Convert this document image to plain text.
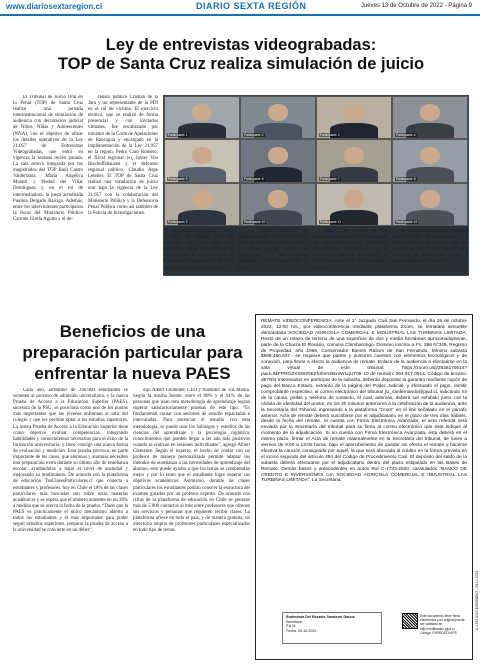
www.diariosextaregion.cl	DIARIO SEXTA REGIÓN	Jueves 13 de Octubre de 2022 - Página 9
Ley de entrevistas videograbadas:
TOP de Santa Cruz realiza simulación de juicio

El Tribunal de Juicio Oral en lo Penal (TOP) de Santa Cruz realizó una jornada interinstitucional de simulación de audiencia con declaración judicial de Niños, Niñas y Adolescentes (NNA), con el objetivo de afinar los detalles operativos de la Ley 21.057 de Entrevistas Videograbadas, que entró en vigencia la semana recién pasada. La sala estuvo integrada por los magistrados del TOP Raúl Castro Valderrama, María Angélica Mulatti y Piedad del Villar Domínguez y, en el rol de intermediadora, la jueza acreditada Paulina Delgado Barriga. Además, entre los intervinientes participaron la fiscal del Ministerio Público Carmen Gloria Agurto y el de-

fensor público Cristian de la Jara y un representante de la PDI en el rol de víctima. El ejercicio técnico, que se realizó de forma presencial y con invitados virtuales, fue encabezado por ministro de la Corte de Apelaciones de Rancagua y encargado en la implementación de la Ley 21.057 en la región, Pedro Caro Romero; el fiscal regional (s), Javier Von Bischoffshausen y el defensor regional público, Claudio Aspe Letelier. El TOP de Santa Cruz realizó una simulación de juicio oral bajo la vigencia de la Ley 21.057 con la colaboración del Ministerio Público y la Defensoría Penal Pública como así también de la Policía de Investigaciones.

Participante 1	Participante 2	Participante 3	Participante 4
Participante 5	Participante 6	Participante 7	Participante 8
Participante 9	Participante 10	Participante 11	Participante 12

Al final de la jornada se llevó a cabo un diálogo con los presentes, el cual fue muy productivo donde compartimos las experiencias que cada uno tiene de la entrada en vigencia de la ley”, señaló la jueza Paulina Delgado.

La tercera etapa de la implementación de la Ley 21.057 entró en vigencia el pasado lunes 3 de octubre en las regiones de O'Higgins, Metropolitana, Valparaíso y Los Lagos. Para su desar-

rollo, la ley dispone de dos instancias para que el NNA entregue su testimonio: La Entrevista Investigativa Videograbada y la Declaración Judicial. En ambos, el NNA interactúa con un funcionario debida-

mente formado y acreditado para ejercer el rol de entrevistador y/o intermediario y testifica en una sala especial, habilitada para que entregue su relato en condiciones seguras y resguardando su privacidad.

Beneficios de una
preparación particular para
enfrentar la nueva PAES

Cada año, alrededor de 260.000 estudiantes se someten al proceso de admisión universitaria, y la nueva Prueba de Acceso a la Educación Superior (PAES), sucesora de la PSU, se posiciona como uno de los puntos más importantes que los jóvenes enfrentan al salir del colegio y que les permite optar a los estudios superiores. La nueva Prueba de Acceso a la Educación Superior tiene como objetivo evaluar competencias, integrando habilidades y conocimientos necesarios para el éxito de la formación universitaria, y tiene consigo una nueva forma de evaluación y medición. Esta prueba provoca, en parte importante de los casos, que alumnos y alumnas necesiten una preparación extra durante su último año de enseñanza escolar, ayudándolos a bajar el nivel de ansiedad y mejorando su rendimiento. De acuerdo con la plataforma de educación TusClasesParticulares.cl que conecta a estudiantes y profesores, hoy en Chile el 18% de las clases particulares más buscadas son sobre estas materias académicas y se espera que el número aumente en un 38% a medida que se acerca la fecha de la prueba. “Dado que la PAES es prácticamente el único mecanismo abierto a todos los estudiantes y el más importante para poder seguir estudios superiores, preparar la prueba de acceso a la universidad se convierte en un deber”,

dijo Albert Clemente, CEO y fundador de Tus Media. Según la misma fuente, entre el 80% y el 91% de las personas que usan esta metodología de aprendizaje logran superar satisfactoriamente pruebas de este tipo. “Es fundamental contar con sesiones de estudio espaciadas e intercaladas. Para potenciar el estudio con esta metodología, se puede usar los hallazgos y estudios de las ciencias del aprendizaje y la psicología cognitiva, conocimientos que pueden llegar a ser aún más positivos cuando se realizan en sesiones individuales”, agregó Albert Clemente. Según el experto, el hecho de contar con un profesor de manera personalizada permite adaptar los métodos de enseñanza a las necesidades de aprendizaje del alumno, esto puede ayudar a que los temas se comprendan mejor y por lo tanto que el estudiante logre superar sus objetivos académicos. Asimismo, durante las clases particulares los estudiantes podrán conocer la estructura del examen guiados por un profesor experto. De acuerdo con cifras de la plataforma de educación en Chile se generan más de 5.000 contactos al mes entre profesores que ofrecen sus servicios y personas que requieren recibir clases. La plataforma ofrece en todo el país, y de manera gratuita, un directorio amplio de profesores particulares especializados en todo tipo de temas.

REMATE VIDEOCONFERENCIA. Ante el 1° Juzgado Civil San Fernando, el día 26 de octubre 2022, 12:00 hrs., por videoconferencia mediante plataforma Zoom, se rematará inmueble demandada SOCIEDAD AGRICOLA COMERCIAL E INDUSTRIAL LAS TURBINAS LIMITADA. Resto de un retazo de terreno de una superficie de dos y media hectáreas aproximadamente, parte de la Chacra El Rosario, comuna Chimbarongo. Dominio inscrito a Fs. 298 N°349, Registro de Propiedad, año 1986, Conservador Bienes Raíces de San Fernando. Mínimo subasta $598.480.537.- se requiere que partes y postores cuenten con elementos tecnológicos y de conexión, para llevar a efecto la audiencia de remate. Enlace de la audiencia a efectuarse en la sala virtual de este tribunal: https://zoom.us/j/3648170914?pwd=SkFPRGZXSk9IOEZhXhmSBxxW1qUT09. ID de reunión: 364 817 0914. Código de acceso: d67Nf4 Interesados en participar de la subasta, deberán depositar la garantía mediante cupón de pago del Banco Estado, extraído de la página del Poder Judicial, y efectuado el pago, remitir comprobante respectivo, al correo electrónico del tribunal jl1_sanfernando@pjud.cl, indicando rol de la causa, pellas y teléfono de contacto, el cual, además, deberá ser exhibido junto con la cédula de identidad del postor, en los 30 minutos anteriores a la celebración de la audiencia, ante la Secretaría del Tribunal, ingresando a la plataforma “zoom” en el link señalado en el párrafo anterior. Acta de remate deberá suscribirse por el adjudicatario en el plazo de tres días hábiles, desde la fecha del remate. Si cuenta con Firma Electrónica Avanzada, el acta referida será enviada por la Secretaría del tribunal para su firma al correo electrónico que éste indique al momento de la adjudicación. Si no cuenta con Firma Electrónica Avanzada, ésta deberá en el mismo plazo, firmar el Acta de remate materialmente en la Secretaría del tribunal, de lunes a viernes de 9:00 a 13:00 horas, bajo el apercibimiento de quedar sin efecto el remate y hacerse efectiva la caución consignada por aquél, la que será abonada al crédito en la forma prevista en el inciso segundo del artículo 494 del Código de Procedimiento Civil. El depósito del saldo de la subasta deberá efectuarse por el adjudicatario dentro del plazo estipulado en las Bases de Remate. Demás bases y antecedentes en autos Rol C-1733-2020, caratulados “BANCO DE CREDITO E INVERSIONES con SOCIEDAD AGRICOLA COMERCIAL E INDUSTRIAL LAS TURBINAS LIMITADA”. La Secretaria.
Rudesinda Del Rosario Sandoval García
Secretario
P.A.M.
Fecha: 05-10-2022
Este documento tiene firma electrónica y su original puede ser validado en http://verificadoc.pjud.cl
Código: FXRDDSTXXPS
C-1733-2020 E45WNBH7 - 04-10-2022
